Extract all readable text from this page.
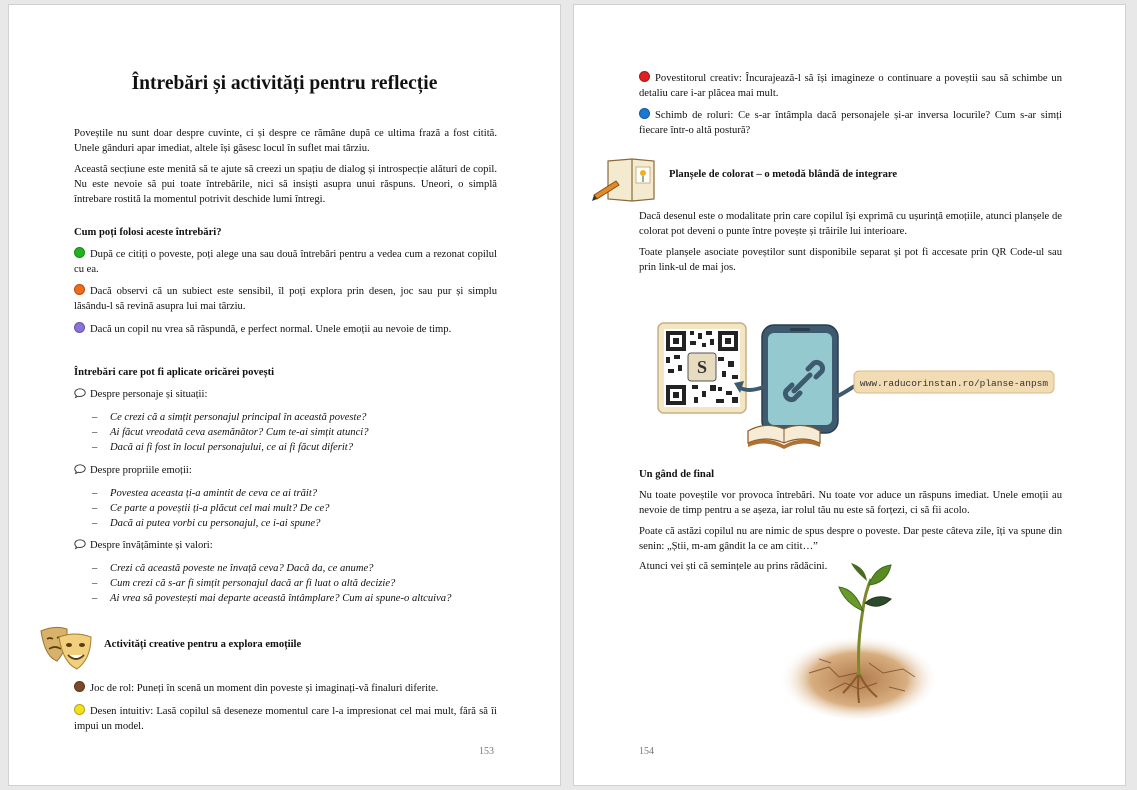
Întrebări și activități pentru reflecție

Poveștile nu sunt doar despre cuvinte, ci și despre ce rămâne după ce ultima frază a fost citită. Unele gânduri apar imediat, altele își găsesc locul în suflet mai târziu.

Această secțiune este menită să te ajute să creezi un spațiu de dialog și introspecție alături de copil. Nu este nevoie să pui toate întrebările, nici să insiști asupra unui răspuns. Uneori, o simplă întrebare rostită la momentul potrivit deschide lumi întregi.

Cum poți folosi aceste întrebări?

După ce citiți o poveste, poți alege una sau două întrebări pentru a vedea cum a rezonat copilul cu ea.

Dacă observi că un subiect este sensibil, îl poți explora prin desen, joc sau pur și simplu lăsându-l să revină asupra lui mai târziu.

Dacă un copil nu vrea să răspundă, e perfect normal. Unele emoții au nevoie de timp.

Întrebări care pot fi aplicate oricărei povești

Despre personaje și situații:

– Ce crezi că a simțit personajul principal în această poveste?

– Ai făcut vreodată ceva asemănător? Cum te-ai simțit atunci?

– Dacă ai fi fost în locul personajului, ce ai fi făcut diferit?

Despre propriile emoții:

– Povestea aceasta ți-a amintit de ceva ce ai trăit?

– Ce parte a poveștii ți-a plăcut cel mai mult? De ce?

– Dacă ai putea vorbi cu personajul, ce i-ai spune?

Despre învățăminte și valori:

– Crezi că această poveste ne învață ceva? Dacă da, ce anume?

– Cum crezi că s-ar fi simțit personajul dacă ar fi luat o altă decizie?

– Ai vrea să povestești mai departe această întâmplare? Cum ai spune-o altcuiva?

Activități creative pentru a explora emoțiile

Joc de rol: Puneți în scenă un moment din poveste și imaginați-vă finaluri diferite.

Desen intuitiv: Lasă copilul să deseneze momentul care l-a impresionat cel mai mult, fără să îi impui un model.

153

Povestitorul creativ: Încurajează-l să își imagineze o continuare a poveștii sau să schimbe un detaliu care i-ar plăcea mai mult.

Schimb de roluri: Ce s-ar întâmpla dacă personajele și-ar inversa locurile? Cum s-ar simți fiecare într-o altă postură?

Planșele de colorat – o metodă blândă de integrare

Dacă desenul este o modalitate prin care copilul își exprimă cu ușurință emoțiile, atunci planșele de colorat pot deveni o punte între povește și trăirile lui interioare.

Toate planșele asociate poveștilor sunt disponibile separat și pot fi accesate prin QR Code-ul sau prin link-ul de mai jos.

S
www.raducorinstan.ro/planse-anpsm

Un gând de final

Nu toate poveștile vor provoca întrebări. Nu toate vor aduce un răspuns imediat. Unele emoții au nevoie de timp pentru a se așeza, iar rolul tău nu este să forțezi, ci să fii acolo.

Poate că astăzi copilul nu are nimic de spus despre o poveste. Dar peste câteva zile, îți va spune din senin: „Știi, m-am gândit la ce am citit…”

Atunci vei ști că semințele au prins rădăcini.

154
